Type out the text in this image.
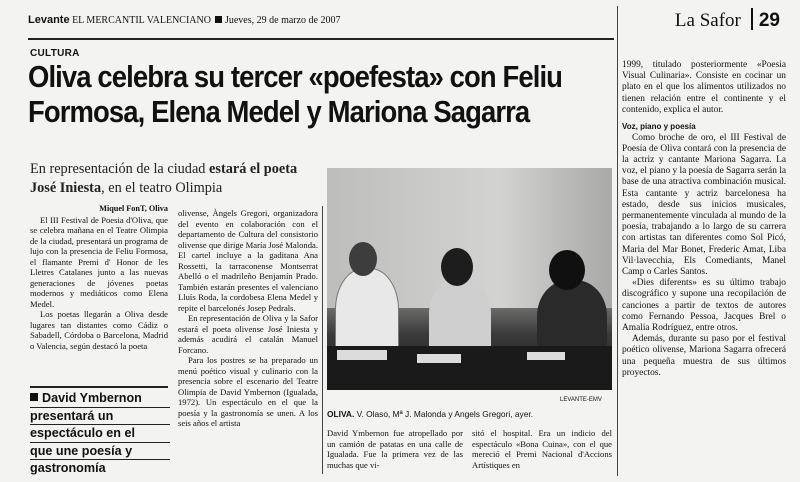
Levante EL MERCANTIL VALENCIANO Jueves, 29 de marzo de 2007	La Safor 29
CULTURA
Oliva celebra su tercer «poefesta» con Feliu
Formosa, Elena Medel y Mariona Sagarra
En representación de la ciudad estará el poeta José Iniesta, en el teatro Olimpia
Miquel FonT, Oliva

El III Festival de Poesia d'Oliva, que se celebra mañana en el Teatre Olimpia de la ciudad, presentará un programa de lujo con la presencia de Feliu Formosa, el flamante Premi d' Honor de les Lletres Catalanes junto a las nuevas generaciones de jóvenes poetas modernos y mediáticos como Elena Medel.

Los poetas llegarán a Oliva desde lugares tan distantes como Cádiz o Sabadell, Córdoba o Barcelona, Madrid o Valencia, según destacó la poeta

David Ymbernon
presentará un
espectáculo en el
que une poesía y
gastronomía

olivense, Àngels Gregori, organizadora del evento en colaboración con el departamento de Cultura del consistorio olivense que dirige María José Malonda. El cartel incluye a la gaditana Ana Rossetti, la tarraconense Montserrat Abelló o el madrileño Benjamín Prado. También estarán presentes el valenciano Lluís Roda, la cordobesa Elena Medel y repite el barcelonés Josep Pedrals.

En representación de Oliva y la Safor estará el poeta olivense José Iniesta y además acudirá el catalán Manuel Forcano.

Para los postres se ha preparado un menú poético visual y culinario con la presencia sobre el escenario del Teatre Olimpia de David Ymbernon (Igualada, 1972). Un espectáculo en el que la poesía y la gastronomía se unen. A los seis años el artista

LEVANTE-EMV
OLIVA. V. Olaso, Mª J. Malonda y Angels Gregori, ayer.

David Ymbernon fue atropellado por un camión de patatas en una calle de Igualada. Fue la primera vez de las muchas que vi-

sitó el hospital. Era un indicio del espectáculo «Bona Cuina», con el que mereció el Premi Nacional d'Accions Artístiques en

1999, titulado posteriormente «Poesia Visual Culinaria». Consiste en cocinar un plato en el que los alimentos utilizados no tienen relación entre el continente y el contenido, explica el autor.

Voz, piano y poesía

Como broche de oro, el III Festival de Poesía de Oliva contará con la presencia de la actriz y cantante Mariona Sagarra. La voz, el piano y la poesía de Sagarra serán la base de una atractiva combinación musical. Esta cantante y actriz barcelonesa ha estado, desde sus inicios musicales, permanentemente vinculada al mundo de la poesía, trabajando a lo largo de su carrera con artistas tan diferentes como Sol Picó, Maria del Mar Bonet, Frederic Amat, Liba Vil·lavecchia, Els Comediants, Manel Camp o Carles Santos.

«Dies diferents» es su último trabajo discográfico y supone una recopilación de canciones a partir de textos de autores como Fernando Pessoa, Jacques Brel o Amalia Rodríguez, entre otros.

Además, durante su paso por el festival poético olivense, Mariona Sagarra ofrecerá una pequeña muestra de sus últimos proyectos.
